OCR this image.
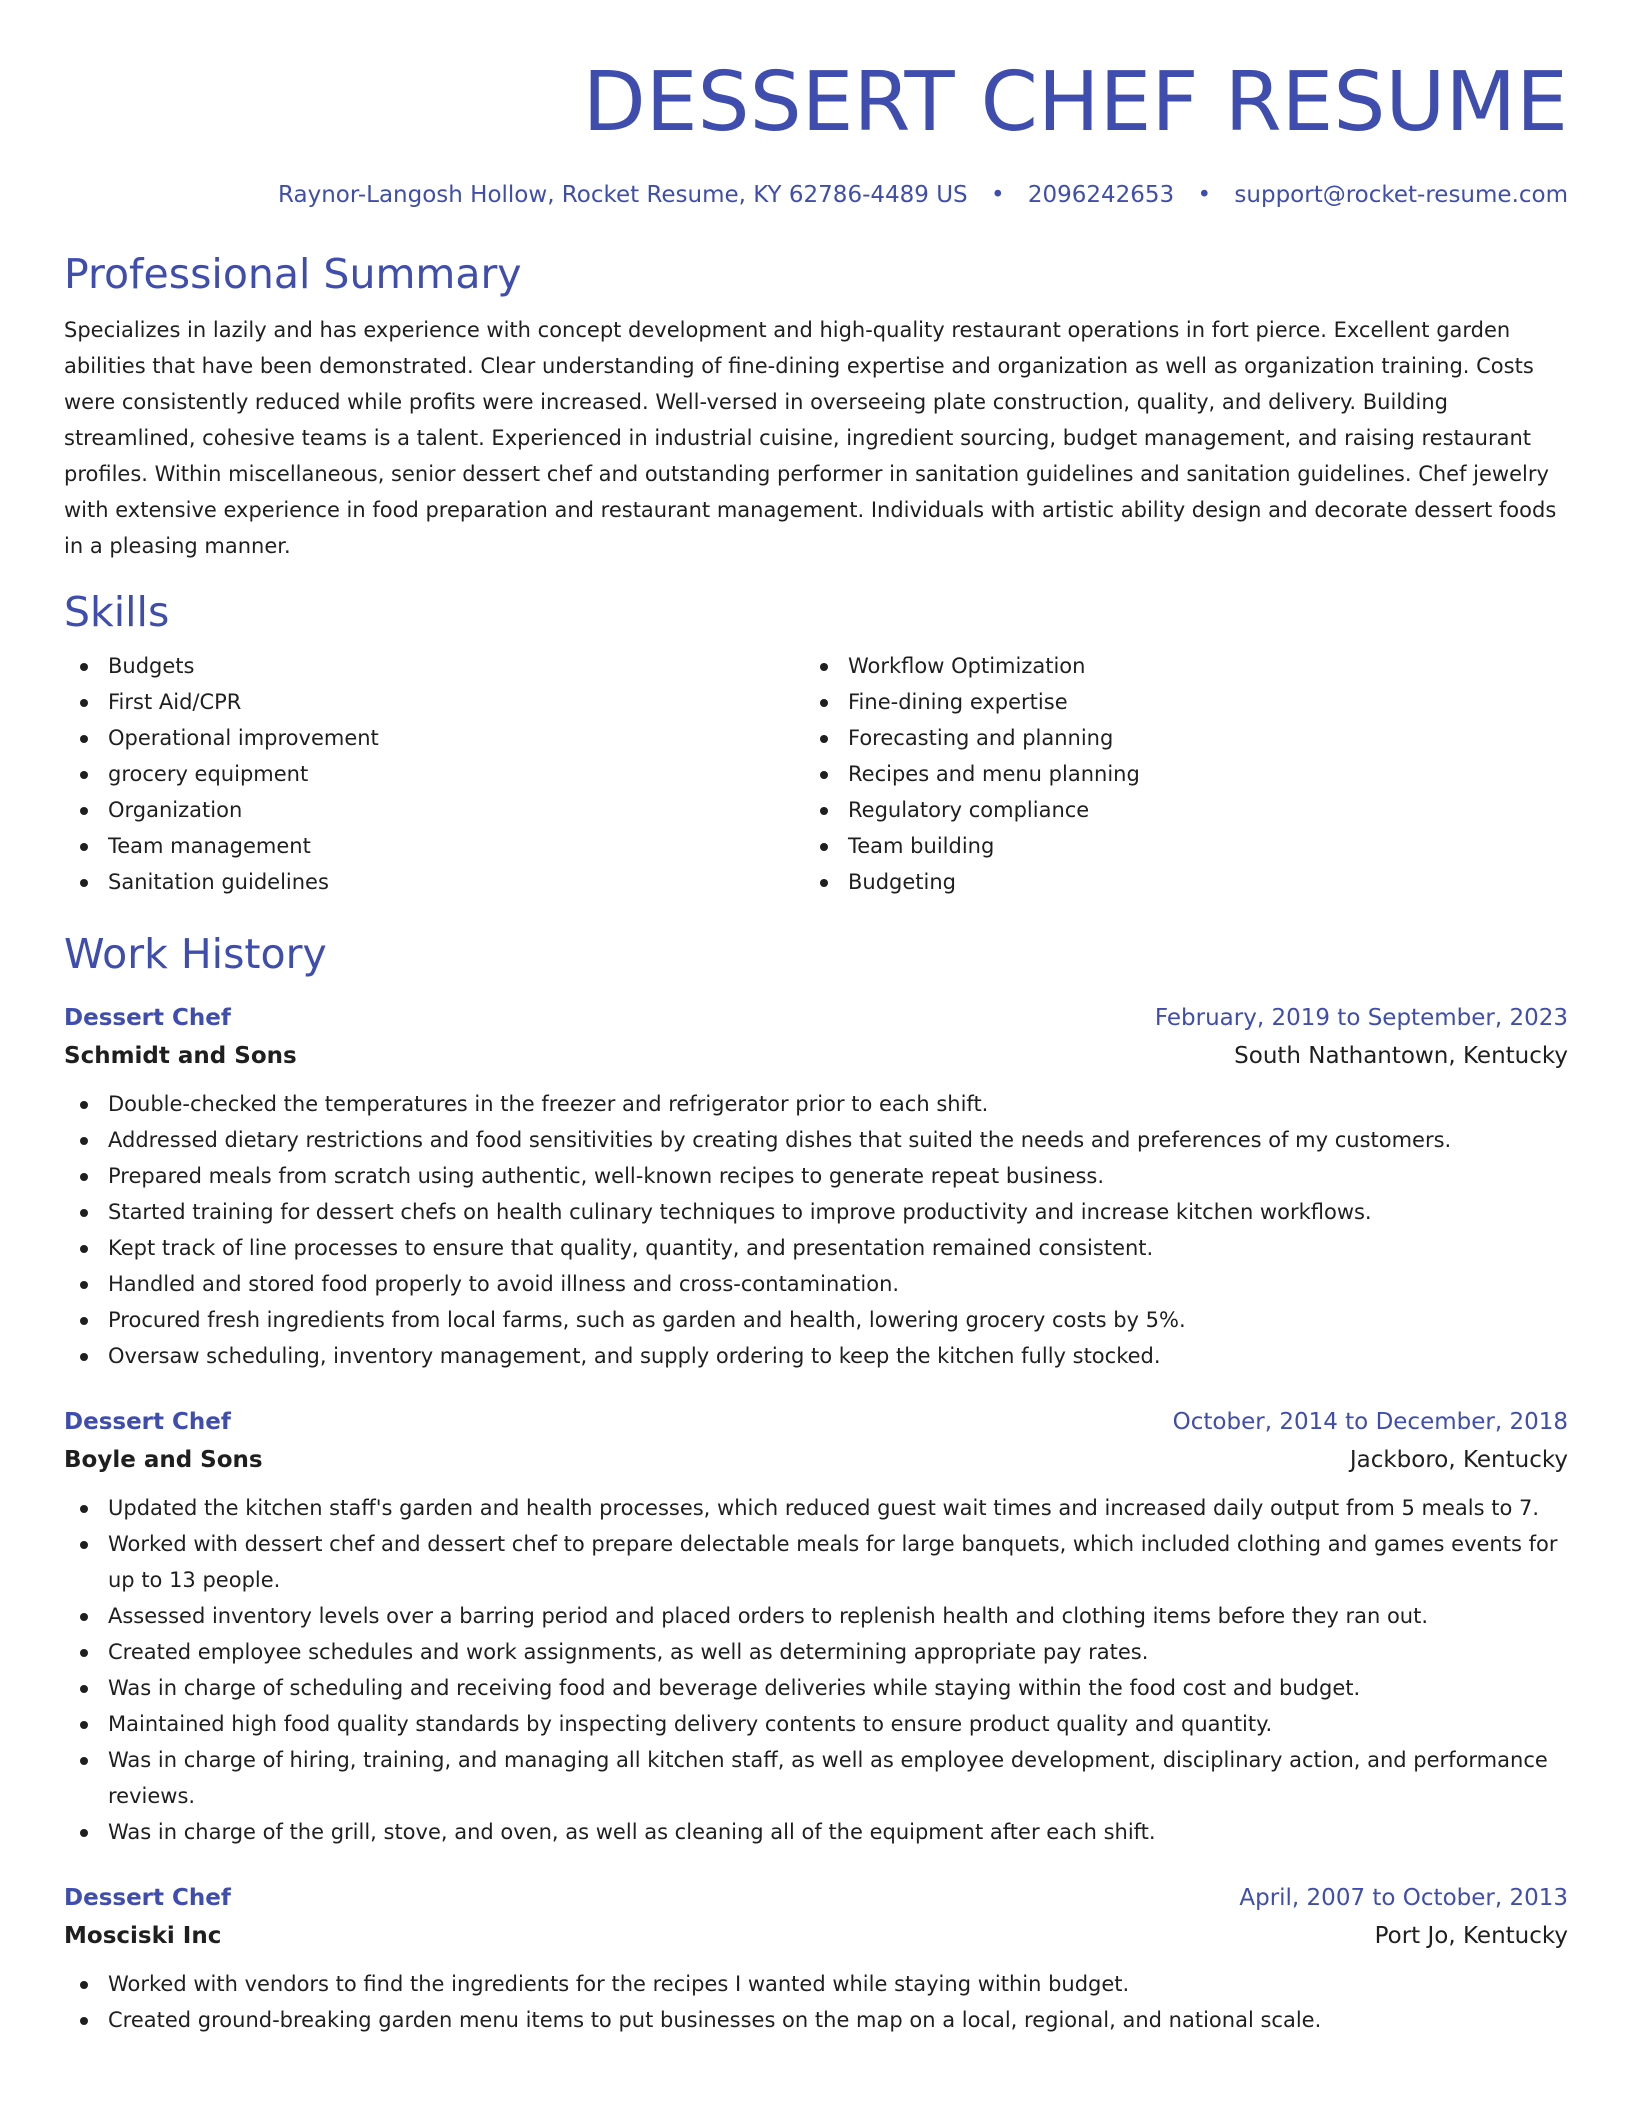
DESSERT CHEF RESUME
Raynor-Langosh Hollow, Rocket Resume, KY 62786-4489 US • 2096242653 • support@rocket-resume.com
Professional Summary

Specializes in lazily and has experience with concept development and high-quality restaurant operations in fort pierce. Excellent garden abilities that have been demonstrated. Clear understanding of fine-dining expertise and organization as well as organization training. Costs were consistently reduced while profits were increased. Well-versed in overseeing plate construction, quality, and delivery. Building streamlined, cohesive teams is a talent. Experienced in industrial cuisine, ingredient sourcing, budget management, and raising restaurant profiles. Within miscellaneous, senior dessert chef and outstanding performer in sanitation guidelines and sanitation guidelines. Chef jewelry with extensive experience in food preparation and restaurant management. Individuals with artistic ability design and decorate dessert foods in a pleasing manner.

Skills
Budgets
First Aid/CPR
Operational improvement
grocery equipment
Organization
Team management
Sanitation guidelines
Workflow Optimization
Fine-dining expertise
Forecasting and planning
Recipes and menu planning
Regulatory compliance
Team building
Budgeting
Work History
Dessert Chef	February, 2019 to September, 2023
Schmidt and Sons	South Nathantown, Kentucky
Double-checked the temperatures in the freezer and refrigerator prior to each shift.
Addressed dietary restrictions and food sensitivities by creating dishes that suited the needs and preferences of my customers.
Prepared meals from scratch using authentic, well-known recipes to generate repeat business.
Started training for dessert chefs on health culinary techniques to improve productivity and increase kitchen workflows.
Kept track of line processes to ensure that quality, quantity, and presentation remained consistent.
Handled and stored food properly to avoid illness and cross-contamination.
Procured fresh ingredients from local farms, such as garden and health, lowering grocery costs by 5%.
Oversaw scheduling, inventory management, and supply ordering to keep the kitchen fully stocked.
Dessert Chef	October, 2014 to December, 2018
Boyle and Sons	Jackboro, Kentucky
Updated the kitchen staff's garden and health processes, which reduced guest wait times and increased daily output from 5 meals to 7.
Worked with dessert chef and dessert chef to prepare delectable meals for large banquets, which included clothing and games events for up to 13 people.
Assessed inventory levels over a barring period and placed orders to replenish health and clothing items before they ran out.
Created employee schedules and work assignments, as well as determining appropriate pay rates.
Was in charge of scheduling and receiving food and beverage deliveries while staying within the food cost and budget.
Maintained high food quality standards by inspecting delivery contents to ensure product quality and quantity.
Was in charge of hiring, training, and managing all kitchen staff, as well as employee development, disciplinary action, and performance reviews.
Was in charge of the grill, stove, and oven, as well as cleaning all of the equipment after each shift.
Dessert Chef	April, 2007 to October, 2013
Mosciski Inc	Port Jo, Kentucky
Worked with vendors to find the ingredients for the recipes I wanted while staying within budget.
Created ground-breaking garden menu items to put businesses on the map on a local, regional, and national scale.
